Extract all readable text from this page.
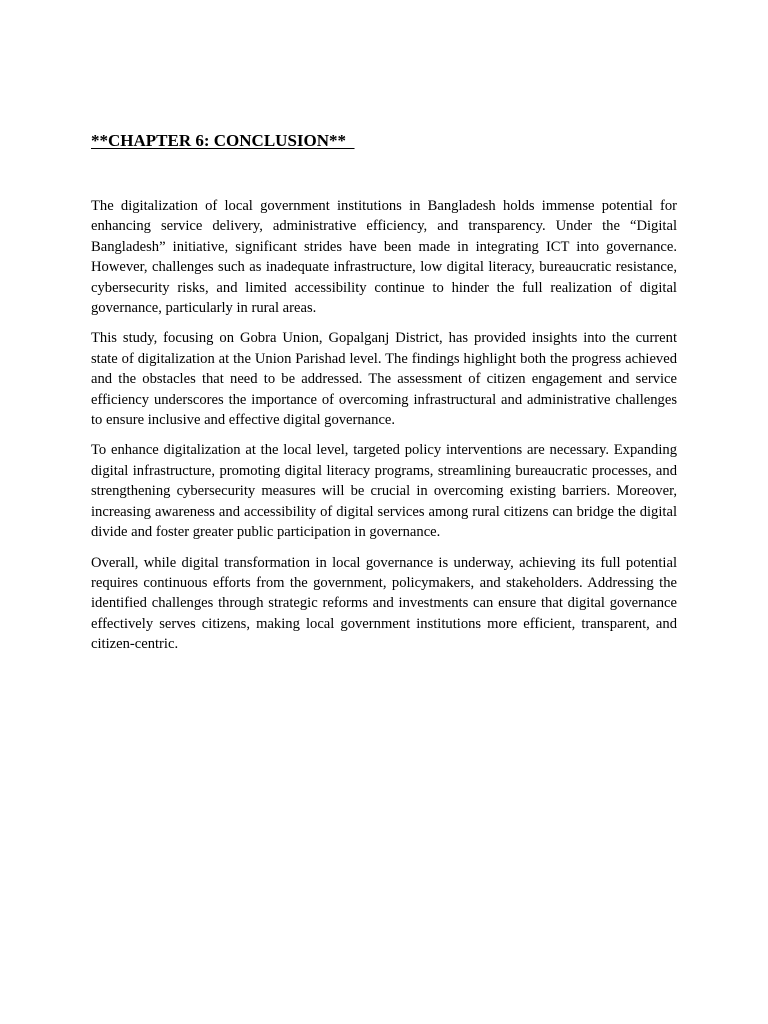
**CHAPTER 6: CONCLUSION**

The digitalization of local government institutions in Bangladesh holds immense potential for enhancing service delivery, administrative efficiency, and transparency. Under the “Digital Bangladesh” initiative, significant strides have been made in integrating ICT into governance. However, challenges such as inadequate infrastructure, low digital literacy, bureaucratic resistance, cybersecurity risks, and limited accessibility continue to hinder the full realization of digital governance, particularly in rural areas.

This study, focusing on Gobra Union, Gopalganj District, has provided insights into the current state of digitalization at the Union Parishad level. The findings highlight both the progress achieved and the obstacles that need to be addressed. The assessment of citizen engagement and service efficiency underscores the importance of overcoming infrastructural and administrative challenges to ensure inclusive and effective digital governance.

To enhance digitalization at the local level, targeted policy interventions are necessary. Expanding digital infrastructure, promoting digital literacy programs, streamlining bureaucratic processes, and strengthening cybersecurity measures will be crucial in overcoming existing barriers. Moreover, increasing awareness and accessibility of digital services among rural citizens can bridge the digital divide and foster greater public participation in governance.

Overall, while digital transformation in local governance is underway, achieving its full potential requires continuous efforts from the government, policymakers, and stakeholders. Addressing the identified challenges through strategic reforms and investments can ensure that digital governance effectively serves citizens, making local government institutions more efficient, transparent, and citizen-centric.
